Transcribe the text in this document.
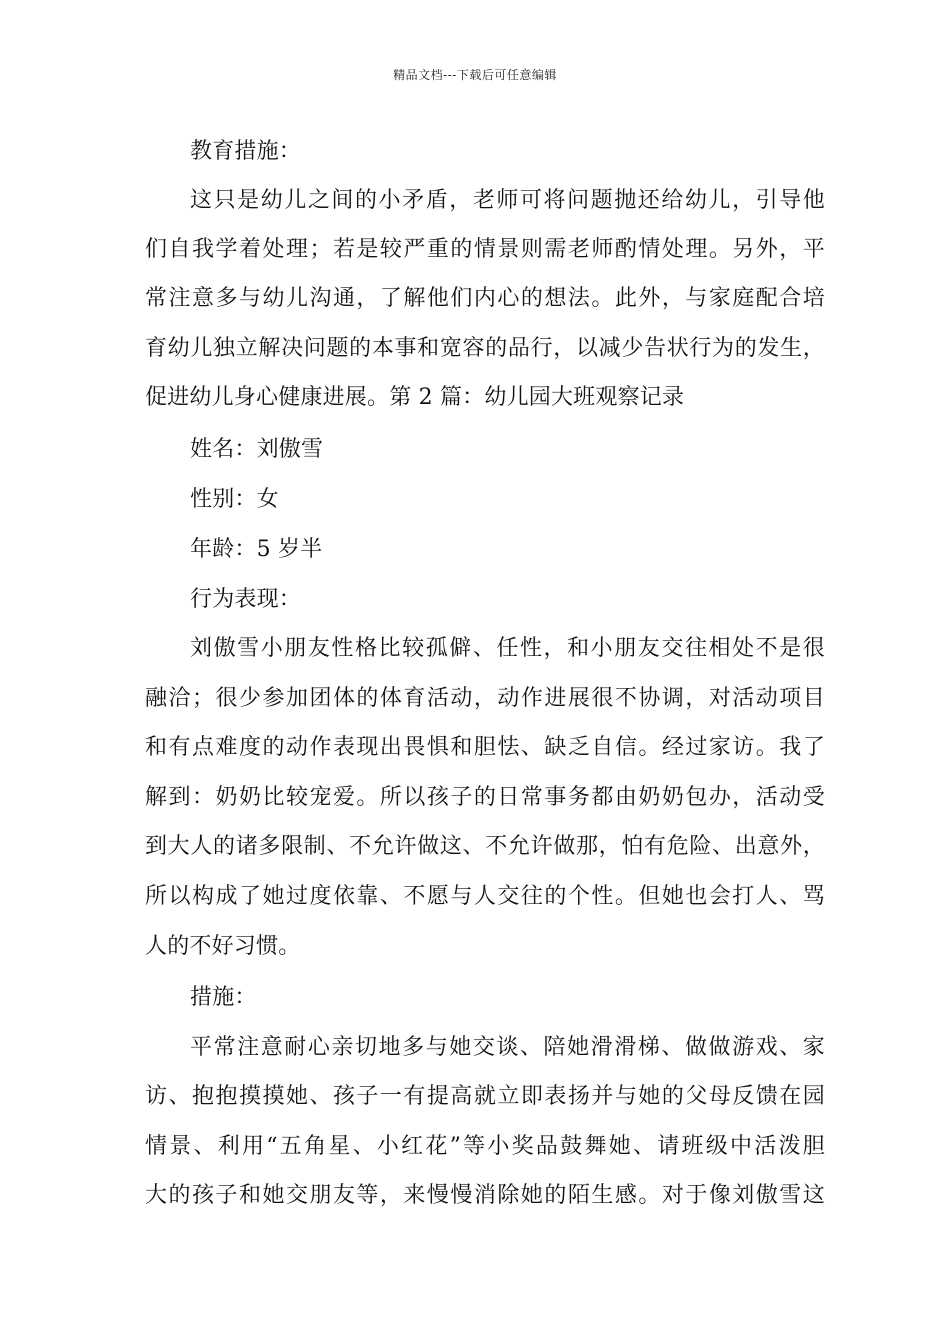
精品文档---下载后可任意编辑
教育措施：
这只是幼儿之间的小矛盾，老师可将问题抛还给幼儿，引导他
们自我学着处理；若是较严重的情景则需老师酌情处理。另外，平
常注意多与幼儿沟通，了解他们内心的想法。此外，与家庭配合培
育幼儿独立解决问题的本事和宽容的品行，以减少告状行为的发生，
促进幼儿身心健康进展。第 2 篇：幼儿园大班观察记录
姓名：刘傲雪
性别：女
年龄：5 岁半
行为表现：
刘傲雪小朋友性格比较孤僻、任性，和小朋友交往相处不是很
融洽；很少参加团体的体育活动，动作进展很不协调，对活动项目
和有点难度的动作表现出畏惧和胆怯、缺乏自信。经过家访。我了
解到：奶奶比较宠爱。所以孩子的日常事务都由奶奶包办，活动受
到大人的诸多限制、不允许做这、不允许做那，怕有危险、出意外，
所以构成了她过度依靠、不愿与人交往的个性。但她也会打人、骂
人的不好习惯。
措施：
平常注意耐心亲切地多与她交谈、陪她滑滑梯、做做游戏、家
访、抱抱摸摸她、孩子一有提高就立即表扬并与她的父母反馈在园
情景、利用“五角星、小红花”等小奖品鼓舞她、请班级中活泼胆
大的孩子和她交朋友等，来慢慢消除她的陌生感。对于像刘傲雪这
